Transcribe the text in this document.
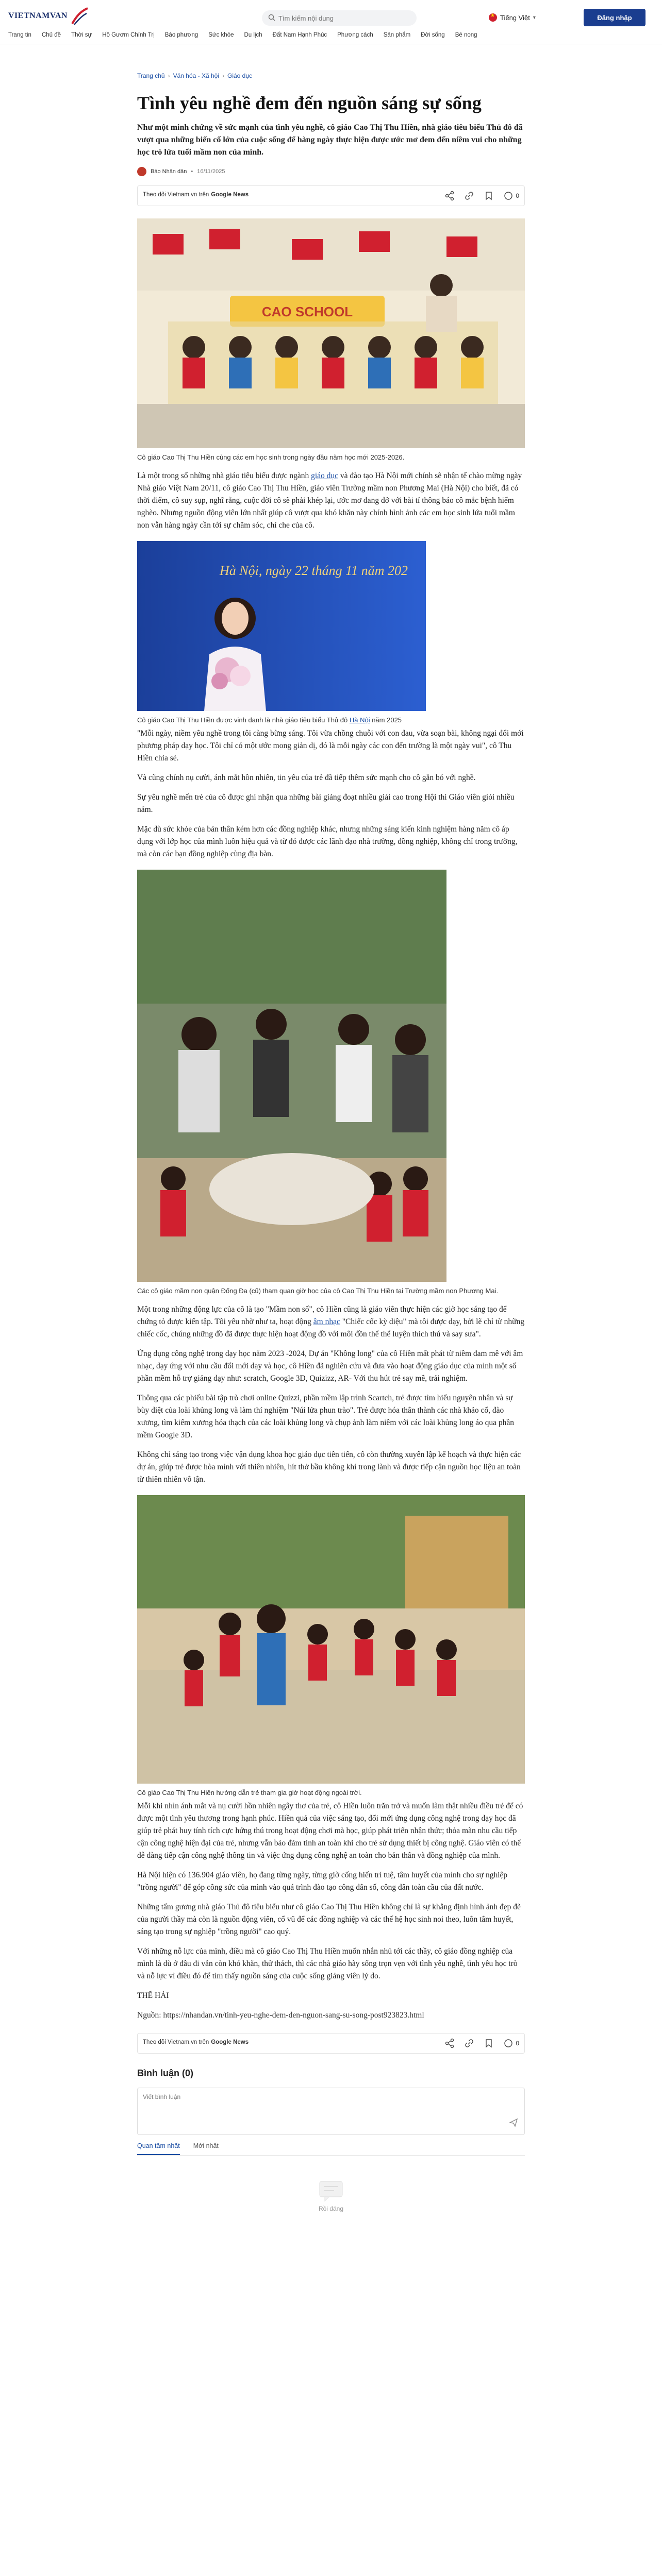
VIETNAMVAN
Tìm kiếm nội dung ★	Tiếng Việt ▾	Đăng nhập
Trang tin	Chủ đề	Thời sự	Hồ Gươm Chính Trị	Báo phương	Sức khỏe	Du lịch	Đất Nam Hạnh Phúc	Phương cách	Sản phẩm	Đời sống	Bé nong
Trang chủ › Văn hóa - Xã hội › Giáo dục
Tình yêu nghề đem đến nguồn sáng sự sống

Như một minh chứng về sức mạnh của tình yêu nghề, cô giáo Cao Thị Thu Hiền, nhà giáo tiêu biểu Thủ đô đã vượt qua những biến cố lớn của cuộc sống để hàng ngày thực hiện được ước mơ đem đến niềm vui cho những học trò lứa tuổi mầm non của mình.

Bảo Nhân dân • 16/11/2025
Theo dõi Vietnam.vn trên Google News	0
CAO SCHOOL

Cô giáo Cao Thị Thu Hiền cùng các em học sinh trong ngày đầu năm học mới 2025-2026.

Là một trong số những nhà giáo tiêu biểu được ngành giáo dục và đào tạo Hà Nội mới chính sẽ nhận tế chào mừng ngày Nhà giáo Việt Nam 20/11, cô giáo Cao Thị Thu Hiền, giáo viên Trường mầm non Phương Mai (Hà Nội) cho biết, đã có thời điểm, cô suy sụp, nghĩ rằng, cuộc đời cô sẽ phải khép lại, ước mơ đang dở với bài tí thông báo cô mắc bệnh hiểm nghèo. Nhưng nguồn động viên lớn nhất giúp cô vượt qua khó khăn này chính hình ảnh các em học sinh lứa tuổi mầm non vẫn hàng ngày cần tới sự chăm sóc, chỉ che của cô.

Hà Nội, ngày 22 tháng 11 năm 202

Cô giáo Cao Thị Thu Hiền được vinh danh là nhà giáo tiêu biểu Thủ đô Hà Nội năm 2025

"Mỗi ngày, niềm yêu nghề trong tôi càng bừng sáng. Tôi vừa chồng chuỗi với con đau, vừa soạn bài, không ngại đổi mới phương pháp dạy học. Tôi chỉ có một ước mong giản dị, đó là mỗi ngày các con đến trường là một ngày vui", cô Thu Hiền chia sẻ.

Và cũng chính nụ cười, ánh mắt hồn nhiên, tin yêu của trẻ đã tiếp thêm sức mạnh cho cô gắn bó với nghề.

Sự yêu nghề mến trẻ của cô được ghi nhận qua những bài giảng đoạt nhiều giải cao trong Hội thi Giáo viên giỏi nhiều năm.

Mặc dù sức khỏe của bản thân kém hơn các đồng nghiệp khác, nhưng những sáng kiến kinh nghiệm hàng năm cô áp dụng với lớp học của mình luôn hiệu quả và từ đó được các lãnh đạo nhà trường, đồng nghiệp, không chỉ trong trường, mà còn các bạn đồng nghiệp cùng địa bàn.

Các cô giáo mầm non quận Đống Đa (cũ) tham quan giờ học của cô Cao Thị Thu Hiền tại Trường mầm non Phương Mai.

Một trong những động lực của cô là tạo "Mầm non số", cô Hiền cũng là giáo viên thực hiện các giờ học sáng tạo để chứng tỏ được kiến tập. Tôi yêu nhờ như ta, hoạt động âm nhạc "Chiếc cốc kỳ diệu" mà tôi được dạy, bởi lẽ chỉ từ những chiếc cốc, chúng những đồ đã được thực hiện hoạt động đồ với môi đồn thể thể luyện thích thú và say sưa".

Ứng dụng công nghệ trong dạy học năm 2023 -2024, Dự án "Không long" của cô Hiền mất phát từ niềm đam mê với âm nhạc, dạy ứng với nhu cầu đổi mới dạy và học, cô Hiền đã nghiên cứu và đưa vào hoạt động giáo dục của mình một số phần mềm hỗ trợ giảng dạy như: scratch, Google 3D, Quizizz, AR- Với thu hút trẻ say mê, trải nghiệm.

Thông qua các phiếu bài tập trò chơi online Quizzi, phần mềm lập trình Scartch, trẻ được tìm hiểu nguyên nhân và sự bùy diệt của loài khủng long và làm thí nghiệm "Núi lửa phun trào". Trẻ được hóa thân thành các nhà khảo cổ, đào xương, tìm kiếm xương hóa thạch của các loài khủng long và chụp ảnh làm niêm với các loài khủng long áo qua phần mềm Google 3D.

Không chỉ sáng tạo trong việc vận dụng khoa học giáo dục tiên tiến, cô còn thường xuyên lập kế hoạch và thực hiện các dự án, giúp trẻ được hòa mình với thiên nhiên, hít thở bầu không khí trong lành và được tiếp cận nguồn học liệu an toàn từ thiên nhiên vô tận.

Cô giáo Cao Thị Thu Hiền hướng dẫn trẻ tham gia giờ hoạt động ngoài trời.

Mỗi khi nhìn ánh mắt và nụ cười hồn nhiên ngây thơ của trẻ, cô Hiền luôn trăn trở và muốn làm thật nhiều điều trẻ để có được một tình yêu thương trong hạnh phúc. Hiền quả của việc sáng tạo, đổi mới ứng dụng công nghệ trong dạy học đã giúp trẻ phát huy tính tích cực hứng thú trong hoạt động chơi mà học, giúp phát triển nhận thức; thỏa mãn nhu cầu tiếp cận công nghệ hiện đại của trẻ, nhưng vẫn bảo đảm tính an toàn khi cho trẻ sử dụng thiết bị công nghệ. Giáo viên có thể dễ dàng tiếp cận công nghệ thông tin và việc ứng dụng công nghệ an toàn cho bản thân và đồng nghiệp của mình.

Hà Nội hiện có 136.904 giáo viên, họ đang từng ngày, từng giờ cống hiến trí tuệ, tâm huyết của mình cho sự nghiệp "trồng người" để góp công sức của mình vào quá trình đào tạo công dân số, công dân toàn cầu của đất nước.

Những tấm gương nhà giáo Thủ đô tiêu biểu như cô giáo Cao Thị Thu Hiền không chỉ là sự khẳng định hình ảnh đẹp đẽ của người thầy mà còn là nguồn động viên, cổ vũ để các đồng nghiệp và các thế hệ học sinh noi theo, luôn tâm huyết, sáng tạo trong sự nghiệp "trồng người" cao quý.

Với những nỗ lực của mình, điều mà cô giáo Cao Thị Thu Hiền muốn nhắn nhủ tới các thầy, cô giáo đồng nghiệp của mình là dù ở đâu đi vẫn còn khó khăn, thử thách, thì các nhà giáo hãy sống trọn vẹn với tình yêu nghề, tình yêu học trò và nỗ lực vì điều đó để tìm thấy nguồn sáng của cuộc sống giảng viên lý do.

THẾ HẢI

Nguồn: https://nhandan.vn/tinh-yeu-nghe-dem-den-nguon-sang-su-song-post923823.html

Theo dõi Vietnam.vn trên Google News	0
Bình luận (0)
Viết bình luận
Quan tâm nhất Mới nhất
Rồi đáng
